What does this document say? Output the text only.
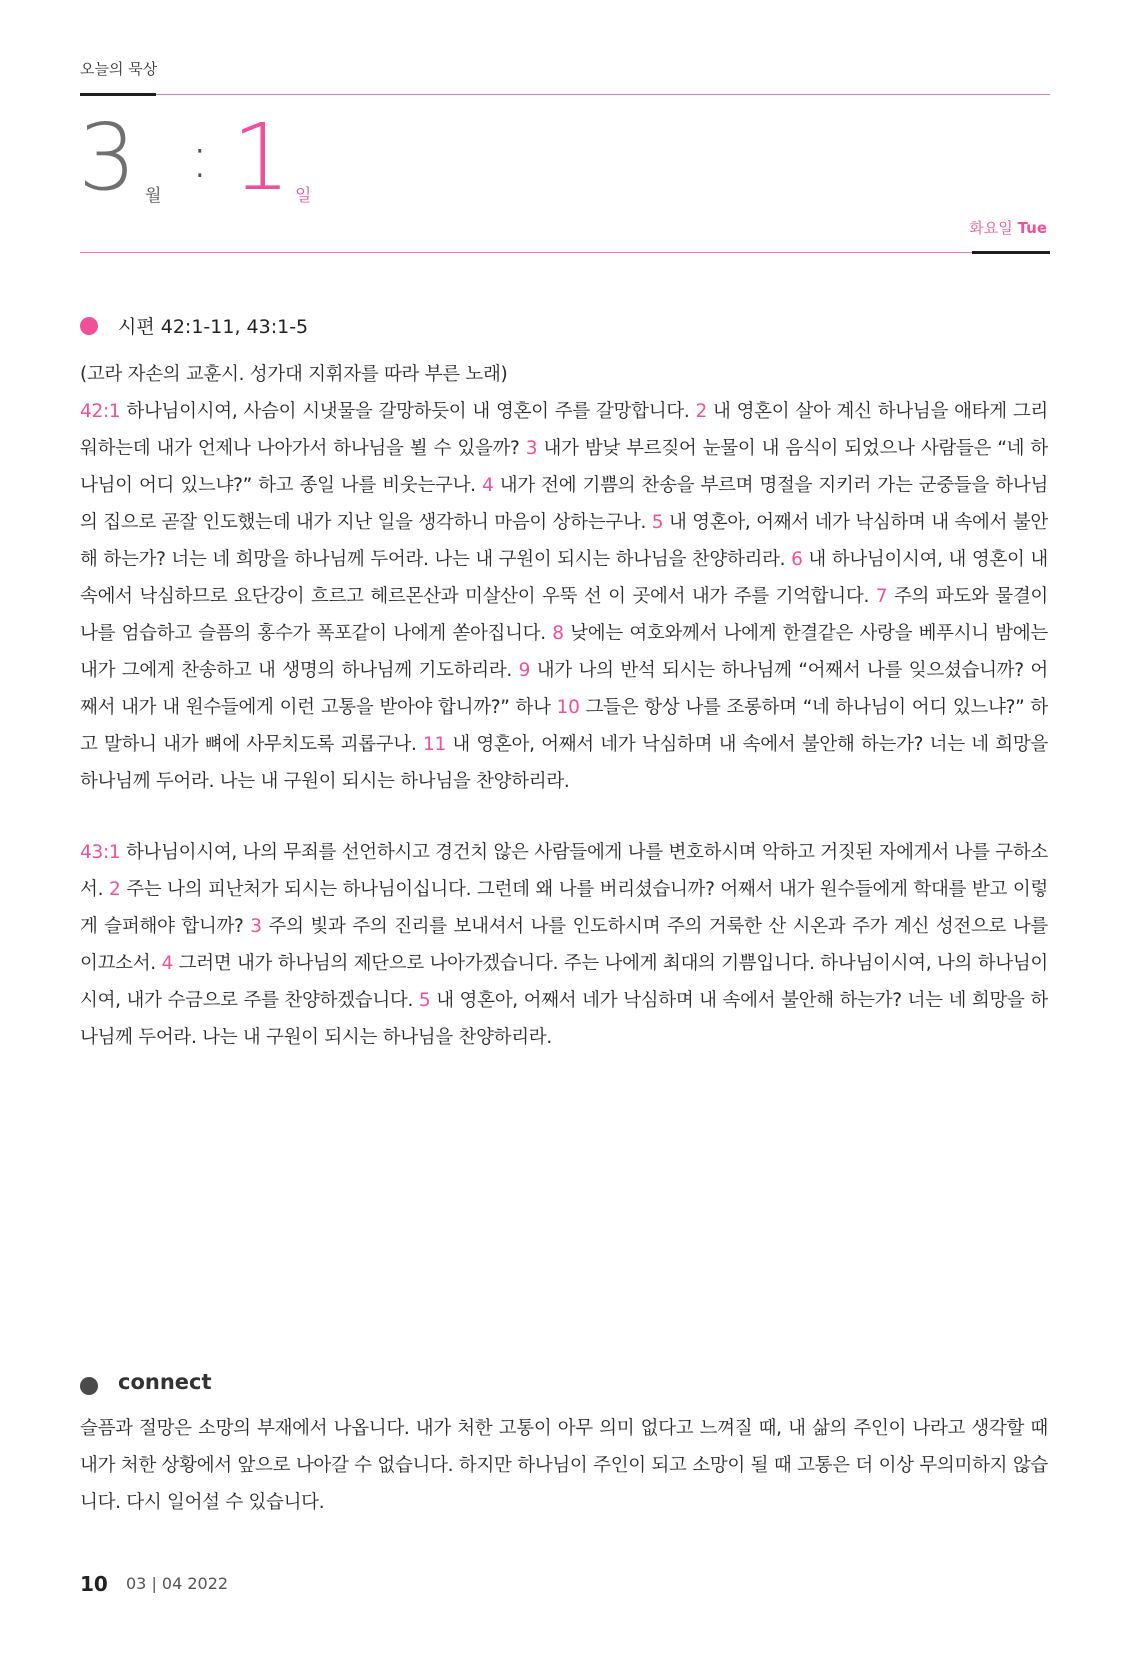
오늘의 묵상
3 월
: 1 일
화요일 Tue
시편 42:1-11, 43:1-5

(고라 자손의 교훈시. 성가대 지휘자를 따라 부른 노래)

42:1 하나님이시여, 사슴이 시냇물을 갈망하듯이 내 영혼이 주를 갈망합니다. 2 내 영혼이 살아 계신 하나님을 애타게 그리워하는데 내가 언제나 나아가서 하나님을 뵐 수 있을까? 3 내가 밤낮 부르짖어 눈물이 내 음식이 되었으나 사람들은 “네 하나님이 어디 있느냐?” 하고 종일 나를 비웃는구나. 4 내가 전에 기쁨의 찬송을 부르며 명절을 지키러 가는 군중들을 하나님의 집으로 곧잘 인도했는데 내가 지난 일을 생각하니 마음이 상하는구나. 5 내 영혼아, 어째서 네가 낙심하며 내 속에서 불안해 하는가? 너는 네 희망을 하나님께 두어라. 나는 내 구원이 되시는 하나님을 찬양하리라. 6 내 하나님이시여, 내 영혼이 내 속에서 낙심하므로 요단강이 흐르고 헤르몬산과 미살산이 우뚝 선 이 곳에서 내가 주를 기억합니다. 7 주의 파도와 물결이 나를 엄습하고 슬픔의 홍수가 폭포같이 나에게 쏟아집니다. 8 낮에는 여호와께서 나에게 한결같은 사랑을 베푸시니 밤에는 내가 그에게 찬송하고 내 생명의 하나님께 기도하리라. 9 내가 나의 반석 되시는 하나님께 “어째서 나를 잊으셨습니까? 어째서 내가 내 원수들에게 이런 고통을 받아야 합니까?” 하나 10 그들은 항상 나를 조롱하며 “네 하나님이 어디 있느냐?” 하고 말하니 내가 뼈에 사무치도록 괴롭구나. 11 내 영혼아, 어째서 네가 낙심하며 내 속에서 불안해 하는가? 너는 네 희망을 하나님께 두어라. 나는 내 구원이 되시는 하나님을 찬양하리라.

43:1 하나님이시여, 나의 무죄를 선언하시고 경건치 않은 사람들에게 나를 변호하시며 악하고 거짓된 자에게서 나를 구하소서. 2 주는 나의 피난처가 되시는 하나님이십니다. 그런데 왜 나를 버리셨습니까? 어째서 내가 원수들에게 학대를 받고 이렇게 슬퍼해야 합니까? 3 주의 빛과 주의 진리를 보내셔서 나를 인도하시며 주의 거룩한 산 시온과 주가 계신 성전으로 나를 이끄소서. 4 그러면 내가 하나님의 제단으로 나아가겠습니다. 주는 나에게 최대의 기쁨입니다. 하나님이시여, 나의 하나님이시여, 내가 수금으로 주를 찬양하겠습니다. 5 내 영혼아, 어째서 네가 낙심하며 내 속에서 불안해 하는가? 너는 네 희망을 하나님께 두어라. 나는 내 구원이 되시는 하나님을 찬양하리라.

connect

슬픔과 절망은 소망의 부재에서 나옵니다. 내가 처한 고통이 아무 의미 없다고 느껴질 때, 내 삶의 주인이 나라고 생각할 때 내가 처한 상황에서 앞으로 나아갈 수 없습니다. 하지만 하나님이 주인이 되고 소망이 될 때 고통은 더 이상 무의미하지 않습니다. 다시 일어설 수 있습니다.

10 03 | 04 2022
